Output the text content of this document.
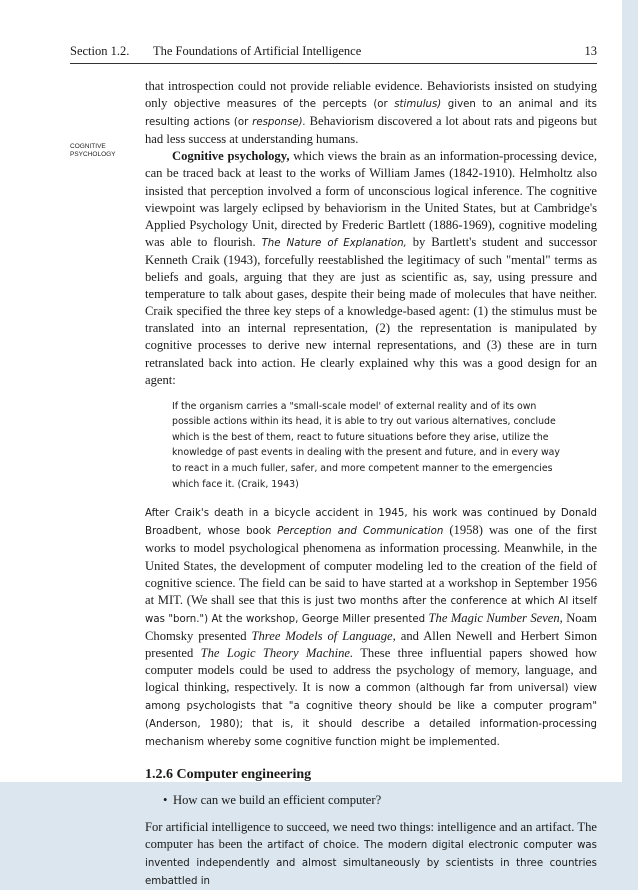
Section 1.2. The Foundations of Artificial Intelligence	13
COGNITIVE PSYCHOLOGY

that introspection could not provide reliable evidence. Behaviorists insisted on studying only objective measures of the percepts (or stimulus) given to an animal and its resulting actions (or response). Behaviorism discovered a lot about rats and pigeons but had less success at understanding humans.

Cognitive psychology, which views the brain as an information-processing device, can be traced back at least to the works of William James (1842-1910). Helmholtz also insisted that perception involved a form of unconscious logical inference. The cognitive viewpoint was largely eclipsed by behaviorism in the United States, but at Cambridge's Applied Psychology Unit, directed by Frederic Bartlett (1886-1969), cognitive modeling was able to flourish. The Nature of Explanation, by Bartlett's student and successor Kenneth Craik (1943), forcefully reestablished the legitimacy of such "mental" terms as beliefs and goals, arguing that they are just as scientific as, say, using pressure and temperature to talk about gases, despite their being made of molecules that have neither. Craik specified the three key steps of a knowledge-based agent: (1) the stimulus must be translated into an internal representation, (2) the representation is manipulated by cognitive processes to derive new internal representations, and (3) these are in turn retranslated back into action. He clearly explained why this was a good design for an agent:

If the organism carries a "small-scale model' of external reality and of its own possible actions within its head, it is able to try out various alternatives, conclude which is the best of them, react to future situations before they arise, utilize the knowledge of past events in dealing with the present and future, and in every way to react in a much fuller, safer, and more competent manner to the emergencies which face it. (Craik, 1943)

After Craik's death in a bicycle accident in 1945, his work was continued by Donald Broadbent, whose book Perception and Communication (1958) was one of the first works to model psychological phenomena as information processing. Meanwhile, in the United States, the development of computer modeling led to the creation of the field of cognitive science. The field can be said to have started at a workshop in September 1956 at MIT. (We shall see that this is just two months after the conference at which AI itself was "born.") At the workshop, George Miller presented The Magic Number Seven, Noam Chomsky presented Three Models of Language, and Allen Newell and Herbert Simon presented The Logic Theory Machine. These three influential papers showed how computer models could be used to address the psychology of memory, language, and logical thinking, respectively. It is now a common (although far from universal) view among psychologists that "a cognitive theory should be like a computer program" (Anderson, 1980); that is, it should describe a detailed information-processing mechanism whereby some cognitive function might be implemented.

1.2.6 Computer engineering
• How can we build an efficient computer?

For artificial intelligence to succeed, we need two things: intelligence and an artifact. The computer has been the artifact of choice. The modern digital electronic computer was invented independently and almost simultaneously by scientists in three countries embattled in
